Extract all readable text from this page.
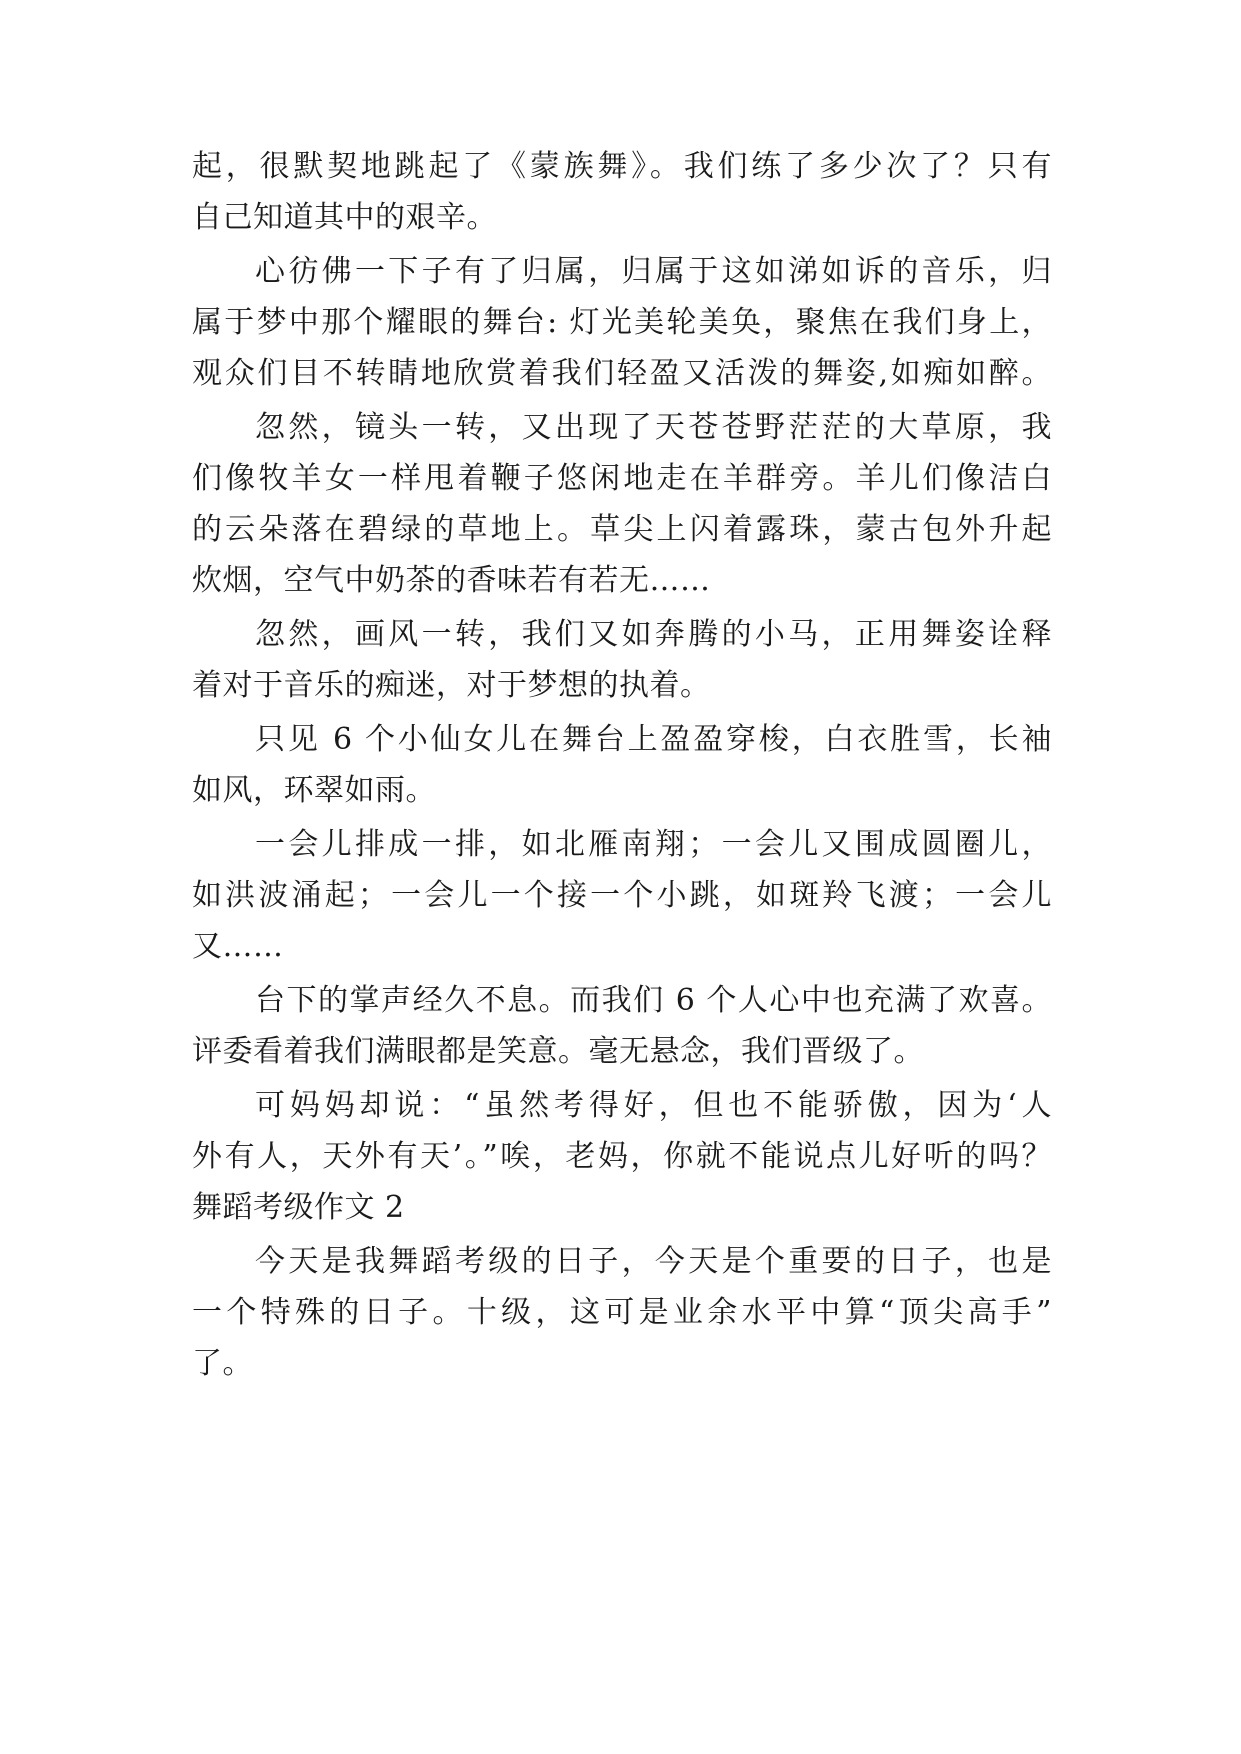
起，很默契地跳起了《蒙族舞》。我们练了多少次了？只有
自己知道其中的艰辛。
心彷佛一下子有了归属，归属于这如涕如诉的音乐，归
属于梦中那个耀眼的舞台: 灯光美轮美奂，聚焦在我们身上，
观众们目不转睛地欣赏着我们轻盈又活泼的舞姿,如痴如醉。
忽然，镜头一转，又出现了天苍苍野茫茫的大草原，我
们像牧羊女一样甩着鞭子悠闲地走在羊群旁。羊儿们像洁白
的云朵落在碧绿的草地上。草尖上闪着露珠，蒙古包外升起
炊烟，空气中奶茶的香味若有若无……
忽然，画风一转，我们又如奔腾的小马，正用舞姿诠释
着对于音乐的痴迷，对于梦想的执着。
只见 6 个小仙女儿在舞台上盈盈穿梭，白衣胜雪，长袖
如风，环翠如雨。
一会儿排成一排，如北雁南翔；一会儿又围成圆圈儿，
如洪波涌起；一会儿一个接一个小跳，如斑羚飞渡；一会儿
又……
台下的掌声经久不息。而我们 6 个人心中也充满了欢喜。
评委看着我们满眼都是笑意。毫无悬念，我们晋级了。
可妈妈却说：“虽然考得好，但也不能骄傲，因为‘人
外有人，天外有天’。”唉，老妈，你就不能说点儿好听的吗？
舞蹈考级作文 2
今天是我舞蹈考级的日子，今天是个重要的日子，也是
一个特殊的日子。十级，这可是业余水平中算“顶尖高手”
了。
